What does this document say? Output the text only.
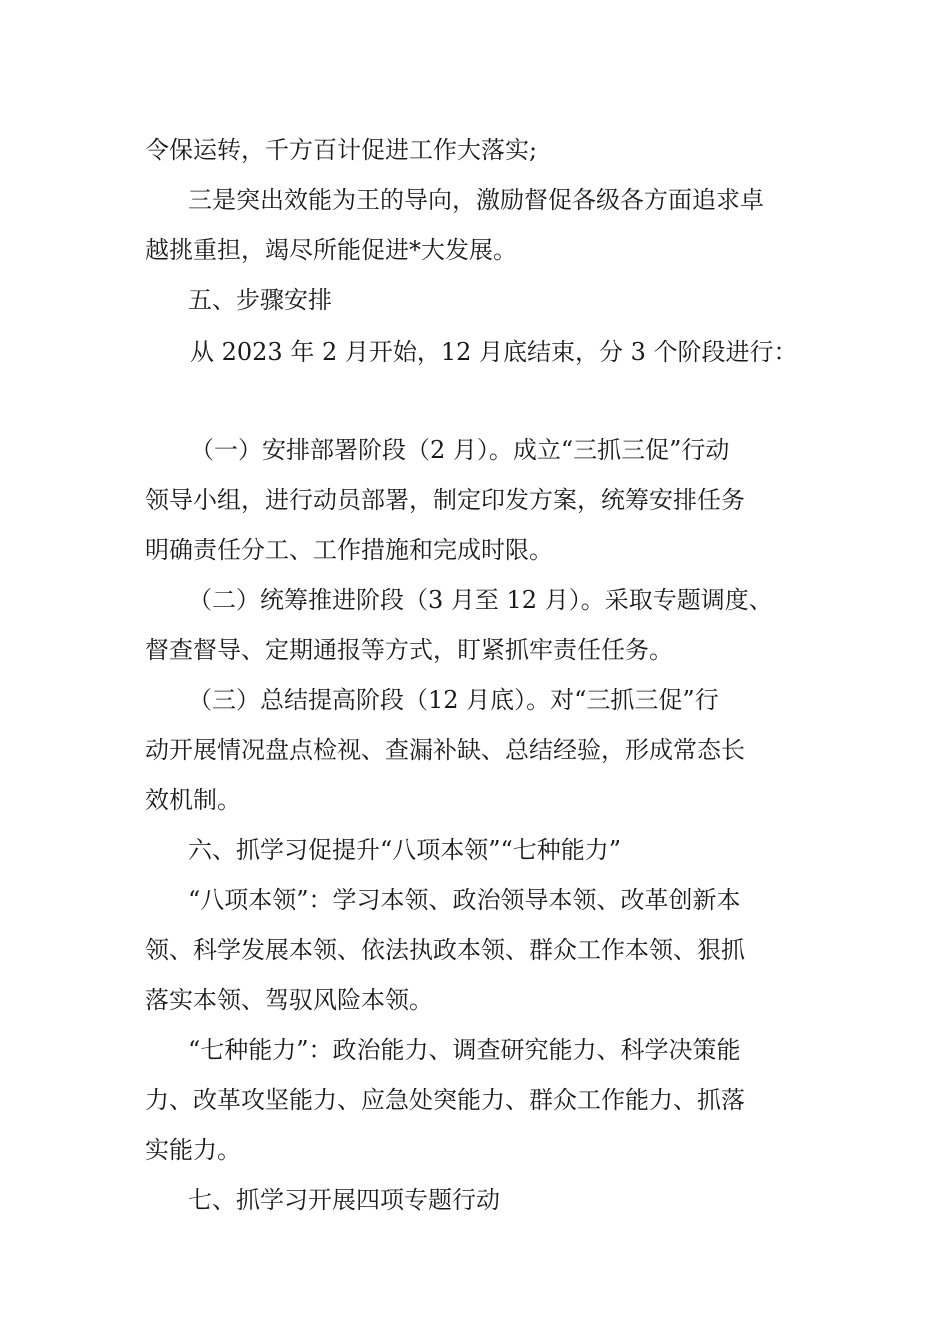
令保运转，千方百计促进工作大落实;
三是突出效能为王的导向，激励督促各级各方面追求卓
越挑重担，竭尽所能促进*大发展。
五、步骤安排
从 2023 年 2 月开始，12 月底结束，分 3 个阶段进行：
（一）安排部署阶段（2 月）。成立“三抓三促”行动
领导小组，进行动员部署，制定印发方案，统筹安排任务
明确责任分工、工作措施和完成时限。
（二）统筹推进阶段（3 月至 12 月）。采取专题调度、
督查督导、定期通报等方式，盯紧抓牢责任任务。
（三）总结提高阶段（12 月底）。对“三抓三促”行
动开展情况盘点检视、查漏补缺、总结经验，形成常态长
效机制。
六、抓学习促提升“八项本领”“七种能力”
“八项本领”：学习本领、政治领导本领、改革创新本
领、科学发展本领、依法执政本领、群众工作本领、狠抓
落实本领、驾驭风险本领。
“七种能力”：政治能力、调查研究能力、科学决策能
力、改革攻坚能力、应急处突能力、群众工作能力、抓落
实能力。
七、抓学习开展四项专题行动
